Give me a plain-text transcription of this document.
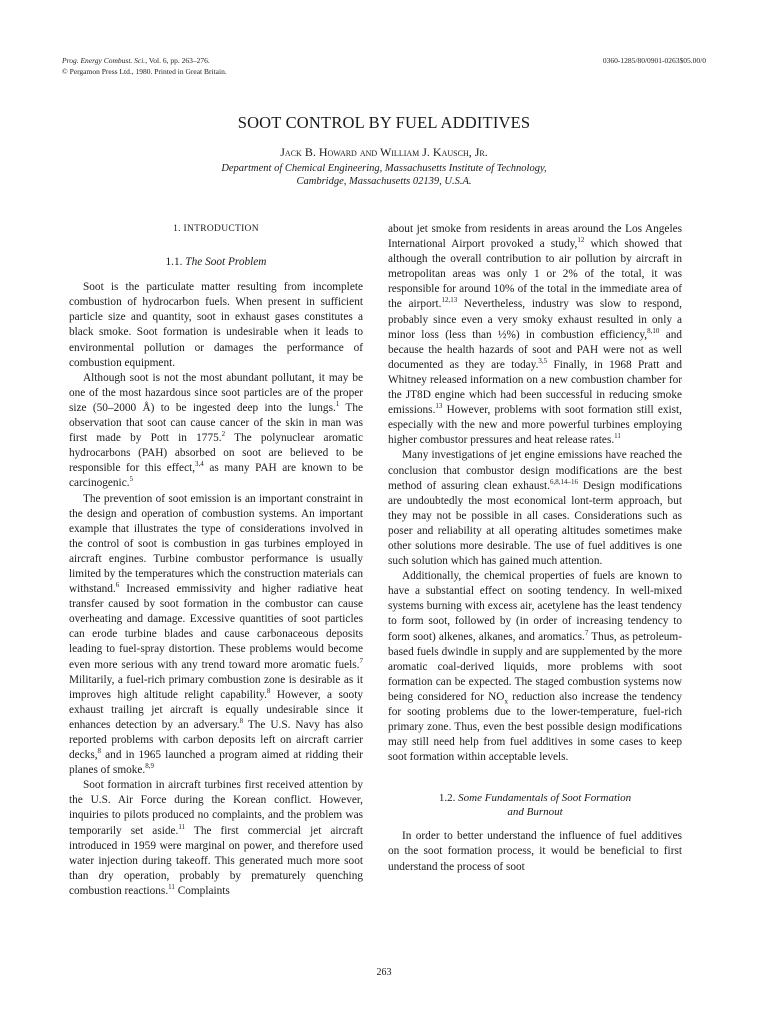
Prog. Energy Combust. Sci., Vol. 6, pp. 263–276.
© Pergamon Press Ltd., 1980. Printed in Great Britain.
0360-1285/80/0901-0263$05.00/0
SOOT CONTROL BY FUEL ADDITIVES
Jack B. Howard and William J. Kausch, Jr.
Department of Chemical Engineering, Massachusetts Institute of Technology,
Cambridge, Massachusetts 02139, U.S.A.
1. INTRODUCTION
1.1. The Soot Problem

Soot is the particulate matter resulting from incomplete combustion of hydrocarbon fuels. When present in sufficient particle size and quantity, soot in exhaust gases constitutes a black smoke. Soot formation is undesirable when it leads to environmental pollution or damages the performance of combustion equipment.

Although soot is not the most abundant pollutant, it may be one of the most hazardous since soot particles are of the proper size (50–2000 Å) to be ingested deep into the lungs.$^1$ The observation that soot can cause cancer of the skin in man was first made by Pott in 1775.$^2$ The polynuclear aromatic hydrocarbons (PAH) absorbed on soot are believed to be responsible for this effect,$^{3,4}$ as many PAH are known to be carcinogenic.$^5$

The prevention of soot emission is an important constraint in the design and operation of combustion systems. An important example that illustrates the type of considerations involved in the control of soot is combustion in gas turbines employed in aircraft engines. Turbine combustor performance is usually limited by the temperatures which the construction materials can withstand.$^6$ Increased emmissivity and higher radiative heat transfer caused by soot formation in the combustor can cause overheating and damage. Excessive quantities of soot particles can erode turbine blades and cause carbonaceous deposits leading to fuel-spray distortion. These problems would become even more serious with any trend toward more aromatic fuels.$^7$ Militarily, a fuel-rich primary combustion zone is desirable as it improves high altitude relight capability.$^8$ However, a sooty exhaust trailing jet aircraft is equally undesirable since it enhances detection by an adversary.$^8$ The U.S. Navy has also reported problems with carbon deposits left on aircraft carrier decks,$^8$ and in 1965 launched a program aimed at ridding their planes of smoke.$^{8,9}$

Soot formation in aircraft turbines first received attention by the U.S. Air Force during the Korean conflict. However, inquiries to pilots produced no complaints, and the problem was temporarily set aside.$^{11}$ The first commercial jet aircraft introduced in 1959 were marginal on power, and therefore used water injection during takeoff. This generated much more soot than dry operation, probably by prematurely quenching combustion reactions.$^{11}$ Complaints

about jet smoke from residents in areas around the Los Angeles International Airport provoked a study,$^{12}$ which showed that although the overall contribution to air pollution by aircraft in metropolitan areas was only 1 or 2% of the total, it was responsible for around 10% of the total in the immediate area of the airport.$^{12,13}$ Nevertheless, industry was slow to respond, probably since even a very smoky exhaust resulted in only a minor loss (less than ½%) in combustion efficiency,$^{8,10}$ and because the health hazards of soot and PAH were not as well documented as they are today.$^{3,5}$ Finally, in 1968 Pratt and Whitney released information on a new combustion chamber for the JT8D engine which had been successful in reducing smoke emissions.$^{13}$ However, problems with soot formation still exist, especially with the new and more powerful turbines employing higher combustor pressures and heat release rates.$^{11}$

Many investigations of jet engine emissions have reached the conclusion that combustor design modifications are the best method of assuring clean exhaust.$^{6,8,14-16}$ Design modifications are undoubtedly the most economical lont-term approach, but they may not be possible in all cases. Considerations such as poser and reliability at all operating altitudes sometimes make other solutions more desirable. The use of fuel additives is one such solution which has gained much attention.

Additionally, the chemical properties of fuels are known to have a substantial effect on sooting tendency. In well-mixed systems burning with excess air, acetylene has the least tendency to form soot, followed by (in order of increasing tendency to form soot) alkenes, alkanes, and aromatics.$^7$ Thus, as petroleum-based fuels dwindle in supply and are supplemented by the more aromatic coal-derived liquids, more problems with soot formation can be expected. The staged combustion systems now being considered for $NO_x$ reduction also increase the tendency for sooting problems due to the lower-temperature, fuel-rich primary zone. Thus, even the best possible design modifications may still need help from fuel additives in some cases to keep soot formation within acceptable levels.

1.2. Some Fundamentals of Soot Formation
and Burnout

In order to better understand the influence of fuel additives on the soot formation process, it would be beneficial to first understand the process of soot

263
